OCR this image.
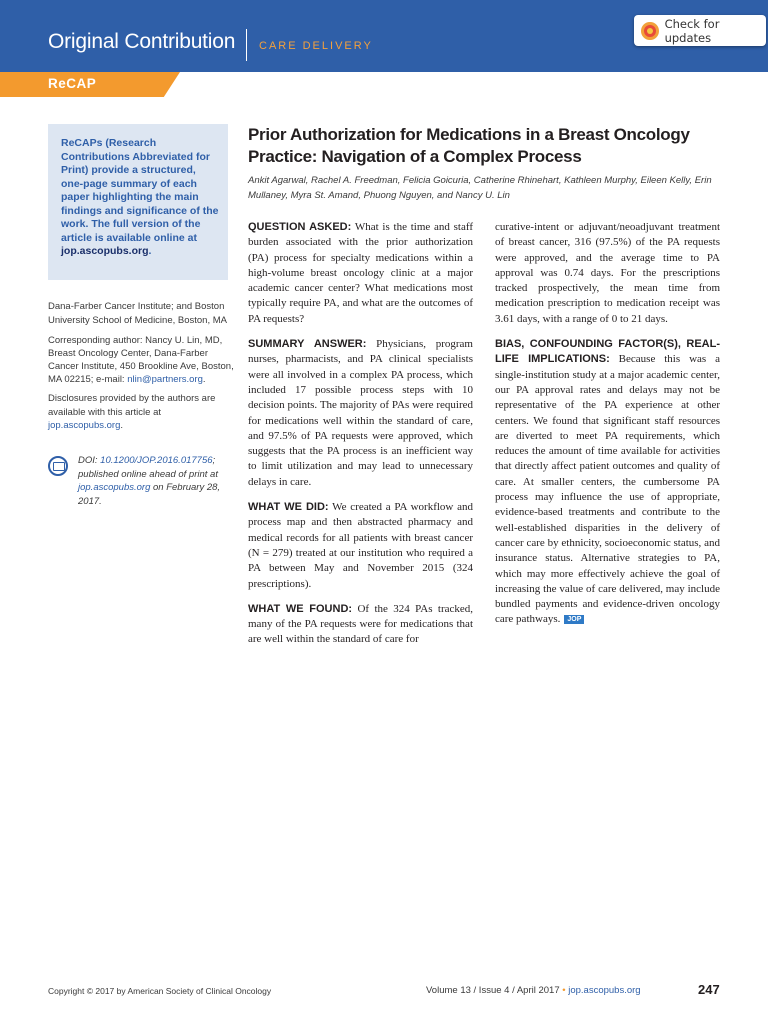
Original Contribution CARE DELIVERY
Check for updates
ReCAP

ReCAPs (Research Contributions Abbreviated for Print) provide a structured, one-page summary of each paper highlighting the main findings and significance of the work. The full version of the article is available online at jop.ascopubs.org.

Dana-Farber Cancer Institute; and Boston University School of Medicine, Boston, MA

Corresponding author: Nancy U. Lin, MD, Breast Oncology Center, Dana-Farber Cancer Institute, 450 Brookline Ave, Boston, MA 02215; e-mail: nlin@partners.org.

Disclosures provided by the authors are available with this article at jop.ascopubs.org.

DOI: 10.1200/JOP.2016.017756; published online ahead of print at jop.ascopubs.org on February 28, 2017.

Prior Authorization for Medications in a Breast Oncology Practice: Navigation of a Complex Process

Ankit Agarwal, Rachel A. Freedman, Felicia Goicuria, Catherine Rhinehart, Kathleen Murphy, Eileen Kelly, Erin Mullaney, Myra St. Amand, Phuong Nguyen, and Nancy U. Lin

QUESTION ASKED: What is the time and staff burden associated with the prior authorization (PA) process for specialty medications within a high-volume breast oncology clinic at a major academic cancer center? What medications most typically require PA, and what are the outcomes of PA requests?

SUMMARY ANSWER: Physicians, program nurses, pharmacists, and PA clinical specialists were all involved in a complex PA process, which included 17 possible process steps with 10 decision points. The majority of PAs were required for medications well within the standard of care, and 97.5% of PA requests were approved, which suggests that the PA process is an inefficient way to limit utilization and may lead to unnecessary delays in care.

WHAT WE DID: We created a PA workflow and process map and then abstracted pharmacy and medical records for all patients with breast cancer (N = 279) treated at our institution who required a PA between May and November 2015 (324 prescriptions).

WHAT WE FOUND: Of the 324 PAs tracked, many of the PA requests were for medications that are well within the standard of care for

curative-intent or adjuvant/neoadjuvant treatment of breast cancer, 316 (97.5%) of the PA requests were approved, and the average time to PA approval was 0.74 days. For the prescriptions tracked prospectively, the mean time from medication prescription to medication receipt was 3.61 days, with a range of 0 to 21 days.

BIAS, CONFOUNDING FACTOR(S), REAL-LIFE IMPLICATIONS: Because this was a single-institution study at a major academic center, our PA approval rates and delays may not be representative of the PA experience at other centers. We found that significant staff resources are diverted to meet PA requirements, which reduces the amount of time available for activities that directly affect patient outcomes and quality of care. At smaller centers, the cumbersome PA process may influence the use of appropriate, evidence-based treatments and contribute to the well-established disparities in the delivery of cancer care by ethnicity, socioeconomic status, and insurance status. Alternative strategies to PA, which may more effectively achieve the goal of increasing the value of care delivered, may include bundled payments and evidence-driven oncology care pathways. JOP

Copyright © 2017 by American Society of Clinical Oncology	Volume 13 / Issue 4 / April 2017 • jop.ascopubs.org	247
